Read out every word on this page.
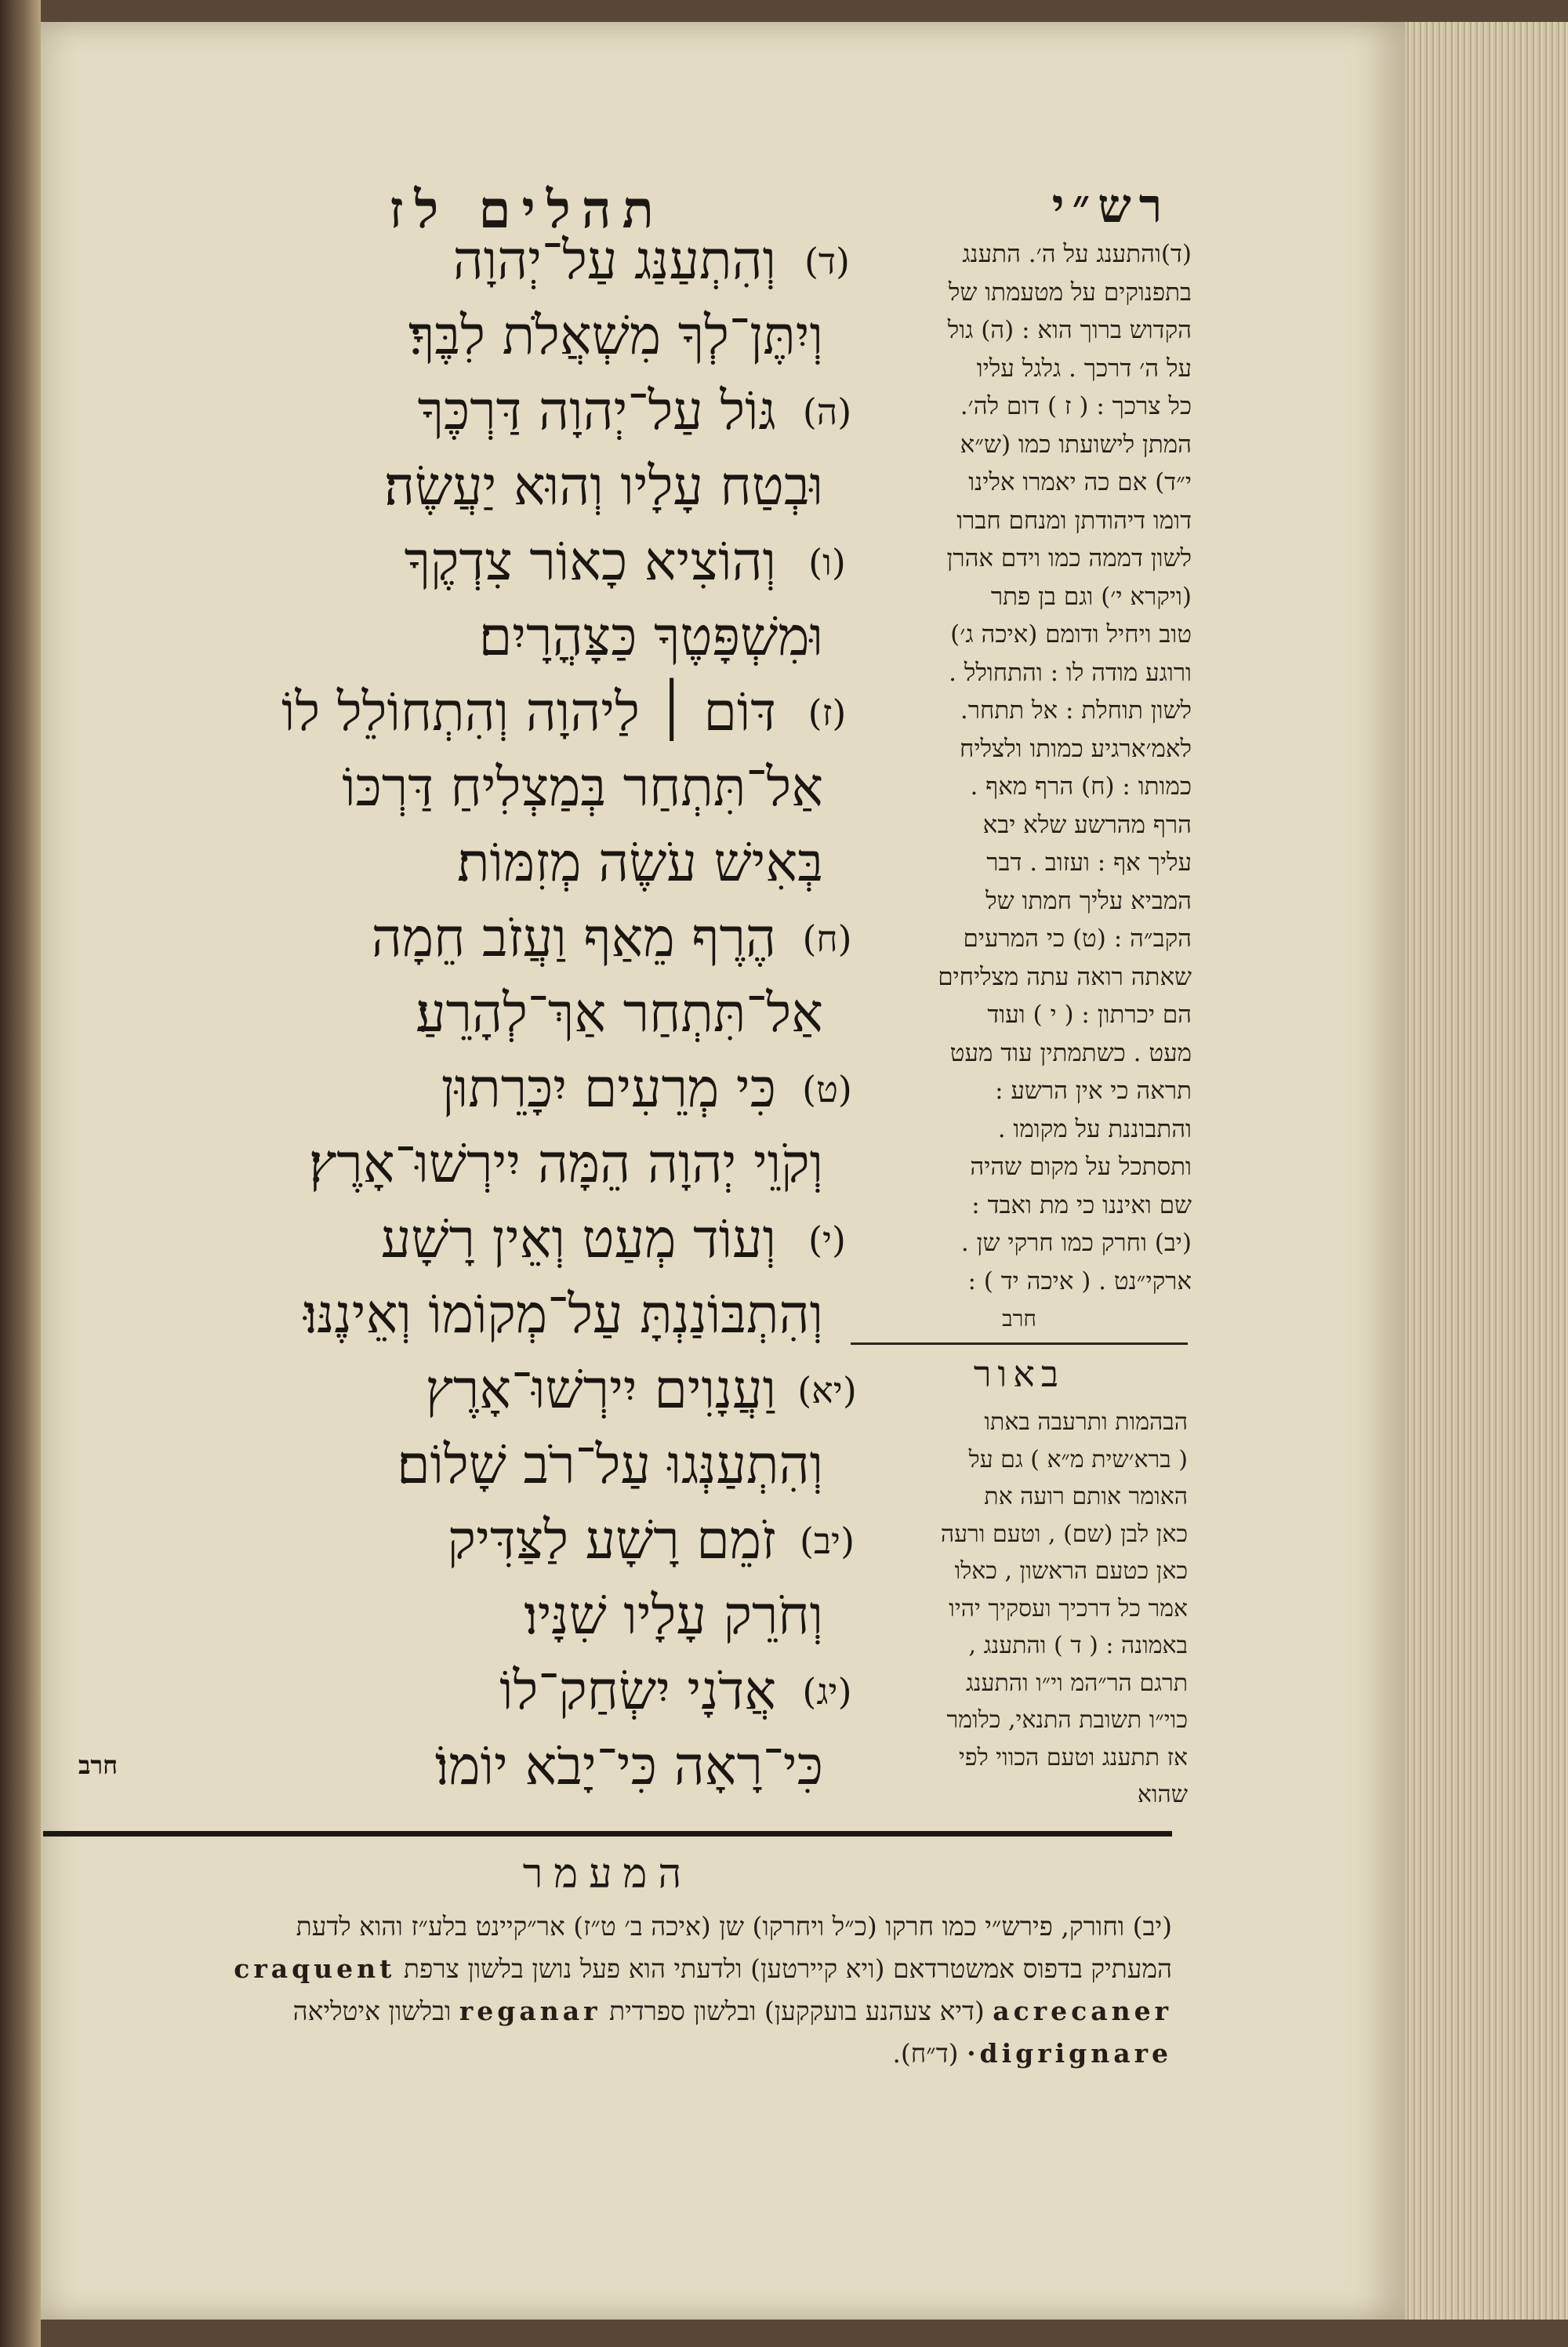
רש״י
תהלים לז
(ד)
וְהִתְעַנַּג עַל־יְהוָה
וְיִתֶּן־לְךָ מִשְׁאֲלֹת לִבֶּךָ׃
(ה)
גּוֹל עַל־יְהוָה דַּרְכֶּךָ
וּבְטַח עָלָיו וְהוּא יַעֲשֶׂה׃
(ו)
וְהוֹצִיא כָאוֹר צִדְקֶךָ
וּמִשְׁפָּטֶךָ כַּצָּהֳרָיִם׃
(ז)
דּוֹם ׀ לַיהוָה וְהִתְחוֹלֵל לוֹ
אַל־תִּתְחַר בְּמַצְלִיחַ דַּרְכּוֹ
בְּאִישׁ עֹשֶׂה מְזִמּוֹת׃
(ח)
הֶרֶף מֵאַף וַעֲזֹב חֵמָה
אַל־תִּתְחַר אַךְ־לְהָרֵעַ׃
(ט)
כִּי מְרֵעִים יִכָּרֵתוּן
וְקֹוֵי יְהוָה הֵמָּה יִירְשׁוּ־אָרֶץ׃
(י)
וְעוֹד מְעַט וְאֵין רָשָׁע
וְהִתְבּוֹנַנְתָּ עַל־מְקוֹמוֹ וְאֵינֶנּוּ׃
(יא)
וַעֲנָוִים יִירְשׁוּ־אָרֶץ
וְהִתְעַנְּגוּ עַל־רֹב שָׁלוֹם׃
(יב)
זֹמֵם רָשָׁע לַצַּדִּיק
וְחֹרֵק עָלָיו שִׁנָּיו׃
(יג)
אֲדֹנָי יִשְׂחַק־לוֹ
כִּי־רָאָה כִּי־יָבֹא יוֹמוֹ׃
חרב
(ד)והתענג על ה׳. התענג
בתפנוקים על מטעמתו של
הקדוש ברוך הוא : (ה) גול
על ה׳ דרכך . גלגל עליו
כל צרכך : ( ז ) דום לה׳.
המתן לישועתו כמו (ש״א
י״ד) אם כה יאמרו אלינו
דומו דיהודתן ומנחם חברו
לשון דממה כמו וידם אהרן
(ויקרא י׳) וגם בן פתר
טוב ויחיל ודומם (איכה ג׳)
ורוגע מודה לו : והתחולל .
לשון תוחלת : אל תתחר.
לאמ׳ארגיע כמותו ולצליח
כמותו : (ח) הרף מאף .
הרף מהרשע שלא יבא
עליך אף : ועזוב . דבר
המביא עליך חמתו של
הקב״ה : (ט) כי המרעים
שאתה רואה עתה מצליחים
הם יכרתון : ( י ) ועוד
מעט . כשתמתין עוד מעט
תראה כי אין הרשע :
והתבוננת על מקומו .
ותסתכל על מקום שהיה
שם ואיננו כי מת ואבד :
(יב) וחרק כמו חרקי שן .
ארקי״נט . ( איכה יד ) :
חרב
באור
הבהמות ותרעבה באתו
( ברא׳שית מ״א ) גם על
האומר אותם רועה את
כאן לבן (שם) , וטעם ורעה
כאן כטעם הראשון , כאלו
אמר כל דרכיך ועסקיך יהיו
באמונה : ( ד ) והתענג ,
תרגם הר״המ וי״ו והתענג
כוי״ו תשובת התנאי, כלומר
אז תתענג וטעם הכווי לפי
שהוא
המעמר
(יב) וחורק, פירש״י כמו חרקו (כ״ל ויחרקו) שן (איכה ב׳ ט״ז) אר״קיינט בלע״ז והוא לדעת
המעתיק בדפוס אמשטרדאם (ויא קיירטען) ולדעתי הוא פעל נושן בלשון צרפת craquent
acrecaner (דיא צעהנע בועקקען) ובלשון ספרדית reganar ובלשון איטליאה
·digrignare (ד״ח).
